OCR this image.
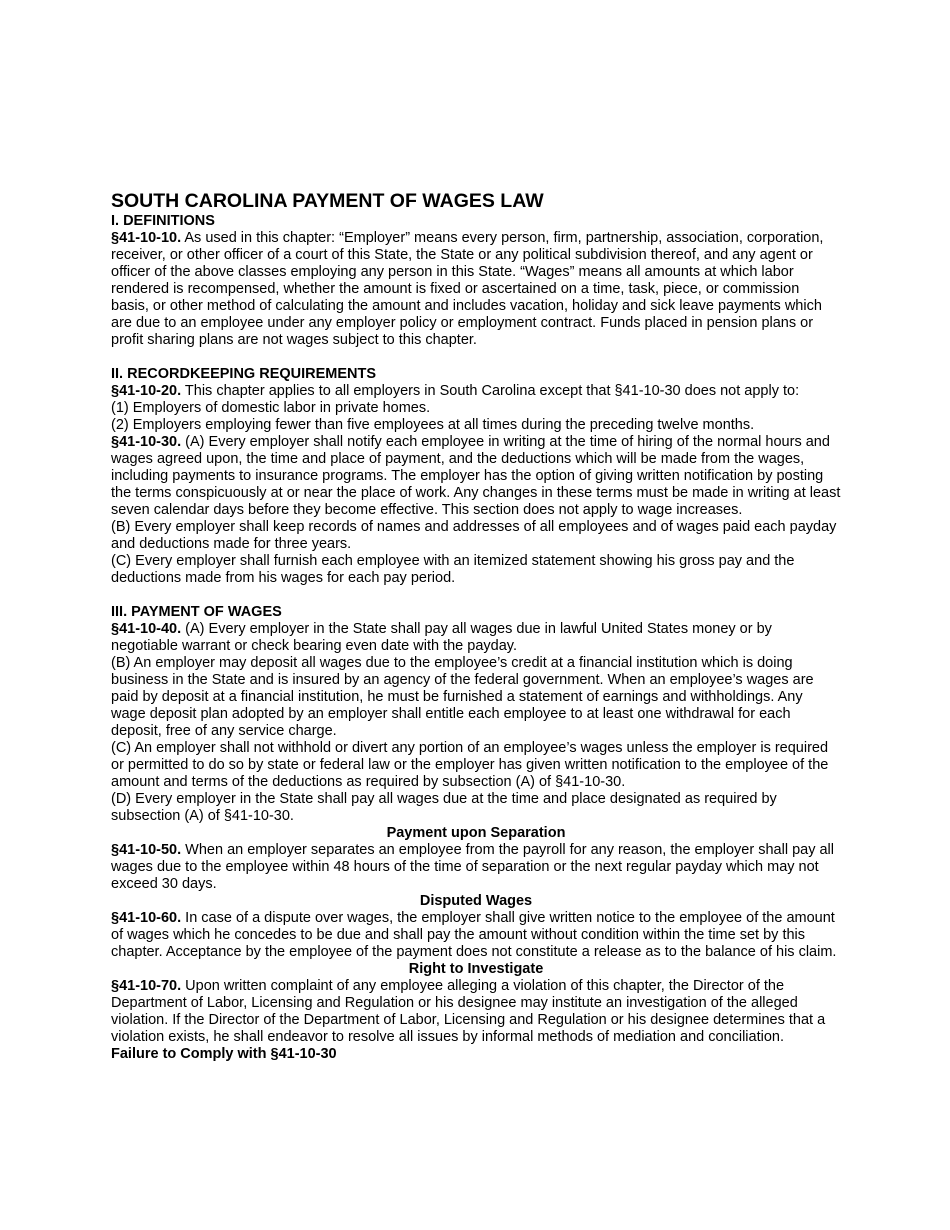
SOUTH CAROLINA PAYMENT OF WAGES LAW

I. DEFINITIONS

§41-10-10. As used in this chapter: “Employer” means every person, firm, partnership, association, corporation, receiver, or other officer of a court of this State, the State or any political subdivision thereof, and any agent or officer of the above classes employing any person in this State. “Wages” means all amounts at which labor rendered is recompensed, whether the amount is fixed or ascertained on a time, task, piece, or commission basis, or other method of calculating the amount and includes vacation, holiday and sick leave payments which are due to an employee under any employer policy or employment contract. Funds placed in pension plans or profit sharing plans are not wages subject to this chapter.

II. RECORDKEEPING REQUIREMENTS

§41-10-20. This chapter applies to all employers in South Carolina except that §41-10-30 does not apply to:

(1) Employers of domestic labor in private homes.

(2) Employers employing fewer than five employees at all times during the preceding twelve months.

§41-10-30. (A) Every employer shall notify each employee in writing at the time of hiring of the normal hours and wages agreed upon, the time and place of payment, and the deductions which will be made from the wages, including payments to insurance programs. The employer has the option of giving written notification by posting the terms conspicuously at or near the place of work. Any changes in these terms must be made in writing at least seven calendar days before they become effective. This section does not apply to wage increases.

(B) Every employer shall keep records of names and addresses of all employees and of wages paid each payday and deductions made for three years.

(C) Every employer shall furnish each employee with an itemized statement showing his gross pay and the deductions made from his wages for each pay period.

III. PAYMENT OF WAGES

§41-10-40. (A) Every employer in the State shall pay all wages due in lawful United States money or by negotiable warrant or check bearing even date with the payday.

(B) An employer may deposit all wages due to the employee’s credit at a financial institution which is doing business in the State and is insured by an agency of the federal government. When an employee’s wages are paid by deposit at a financial institution, he must be furnished a statement of earnings and withholdings. Any wage deposit plan adopted by an employer shall entitle each employee to at least one withdrawal for each deposit, free of any service charge.

(C) An employer shall not withhold or divert any portion of an employee’s wages unless the employer is required or permitted to do so by state or federal law or the employer has given written notification to the employee of the amount and terms of the deductions as required by subsection (A) of §41-10-30.

(D) Every employer in the State shall pay all wages due at the time and place designated as required by subsection (A) of §41-10-30.

Payment upon Separation

§41-10-50. When an employer separates an employee from the payroll for any reason, the employer shall pay all wages due to the employee within 48 hours of the time of separation or the next regular payday which may not exceed 30 days.

Disputed Wages

§41-10-60. In case of a dispute over wages, the employer shall give written notice to the employee of the amount of wages which he concedes to be due and shall pay the amount without condition within the time set by this chapter. Acceptance by the employee of the payment does not constitute a release as to the balance of his claim.

Right to Investigate

§41-10-70. Upon written complaint of any employee alleging a violation of this chapter, the Director of the Department of Labor, Licensing and Regulation or his designee may institute an investigation of the alleged violation. If the Director of the Department of Labor, Licensing and Regulation or his designee determines that a violation exists, he shall endeavor to resolve all issues by informal methods of mediation and conciliation.

Failure to Comply with §41-10-30
